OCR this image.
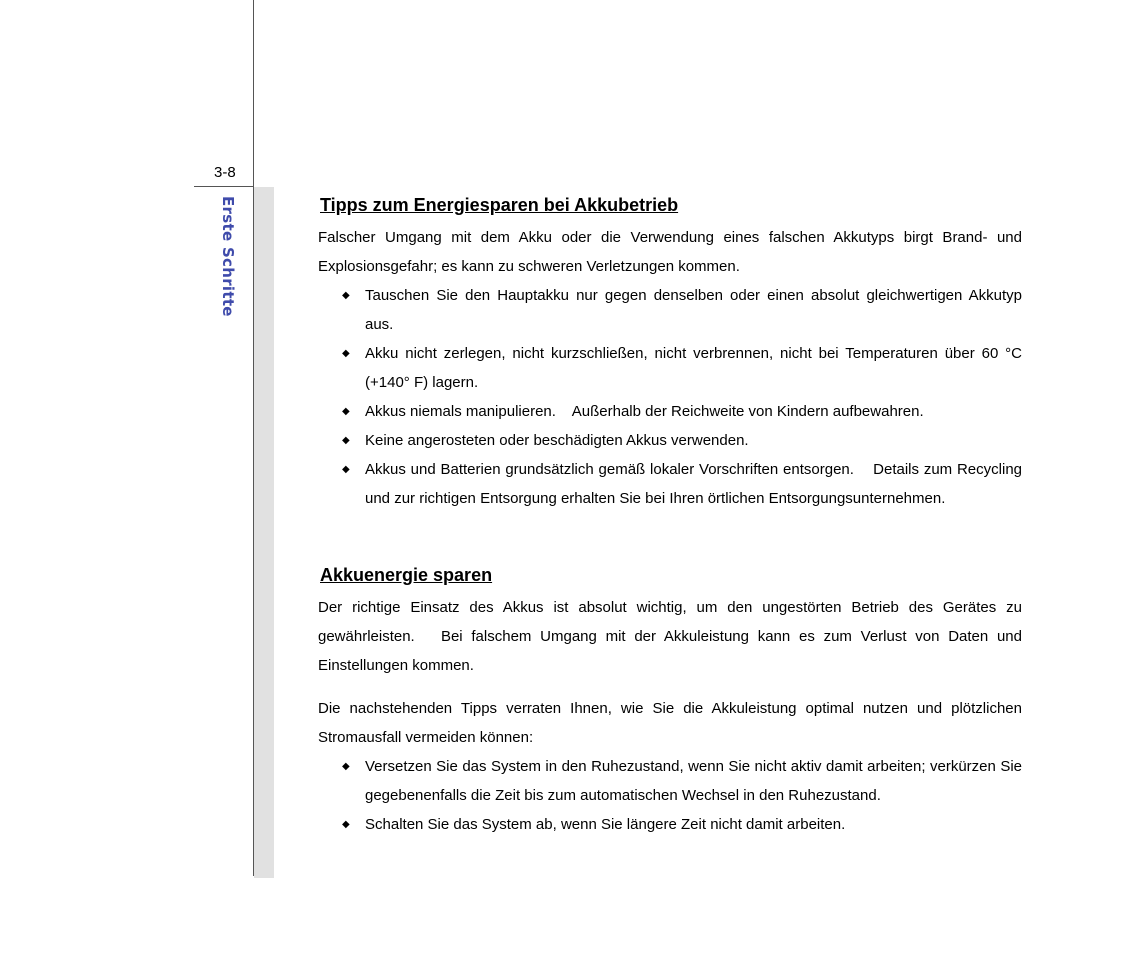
3-8
Erste Schritte	Tipps zum Energiesparen bei Akkubetrieb

Falscher Umgang mit dem Akku oder die Verwendung eines falschen Akkutyps birgt Brand- und Explosionsgefahr; es kann zu schweren Verletzungen kommen.

◆ Tauschen Sie den Hauptakku nur gegen denselben oder einen absolut gleichwertigen Akkutyp aus.
◆ Akku nicht zerlegen, nicht kurzschließen, nicht verbrennen, nicht bei Temperaturen über 60 °C (+140° F) lagern.
◆ Akkus niemals manipulieren.    Außerhalb der Reichweite von Kindern aufbewahren.
◆ Keine angerosteten oder beschädigten Akkus verwenden.
◆ Akkus und Batterien grundsätzlich gemäß lokaler Vorschriften entsorgen.    Details zum Recycling und zur richtigen Entsorgung erhalten Sie bei Ihren örtlichen Entsorgungsunternehmen.
Akkuenergie sparen

Der richtige Einsatz des Akkus ist absolut wichtig, um den ungestörten Betrieb des Gerätes zu gewährleisten.   Bei falschem Umgang mit der Akkuleistung kann es zum Verlust von Daten und Einstellungen kommen.

Die nachstehenden Tipps verraten Ihnen, wie Sie die Akkuleistung optimal nutzen und plötzlichen Stromausfall vermeiden können:

◆ Versetzen Sie das System in den Ruhezustand, wenn Sie nicht aktiv damit arbeiten; verkürzen Sie gegebenenfalls die Zeit bis zum automatischen Wechsel in den Ruhezustand.
◆ Schalten Sie das System ab, wenn Sie längere Zeit nicht damit arbeiten.
